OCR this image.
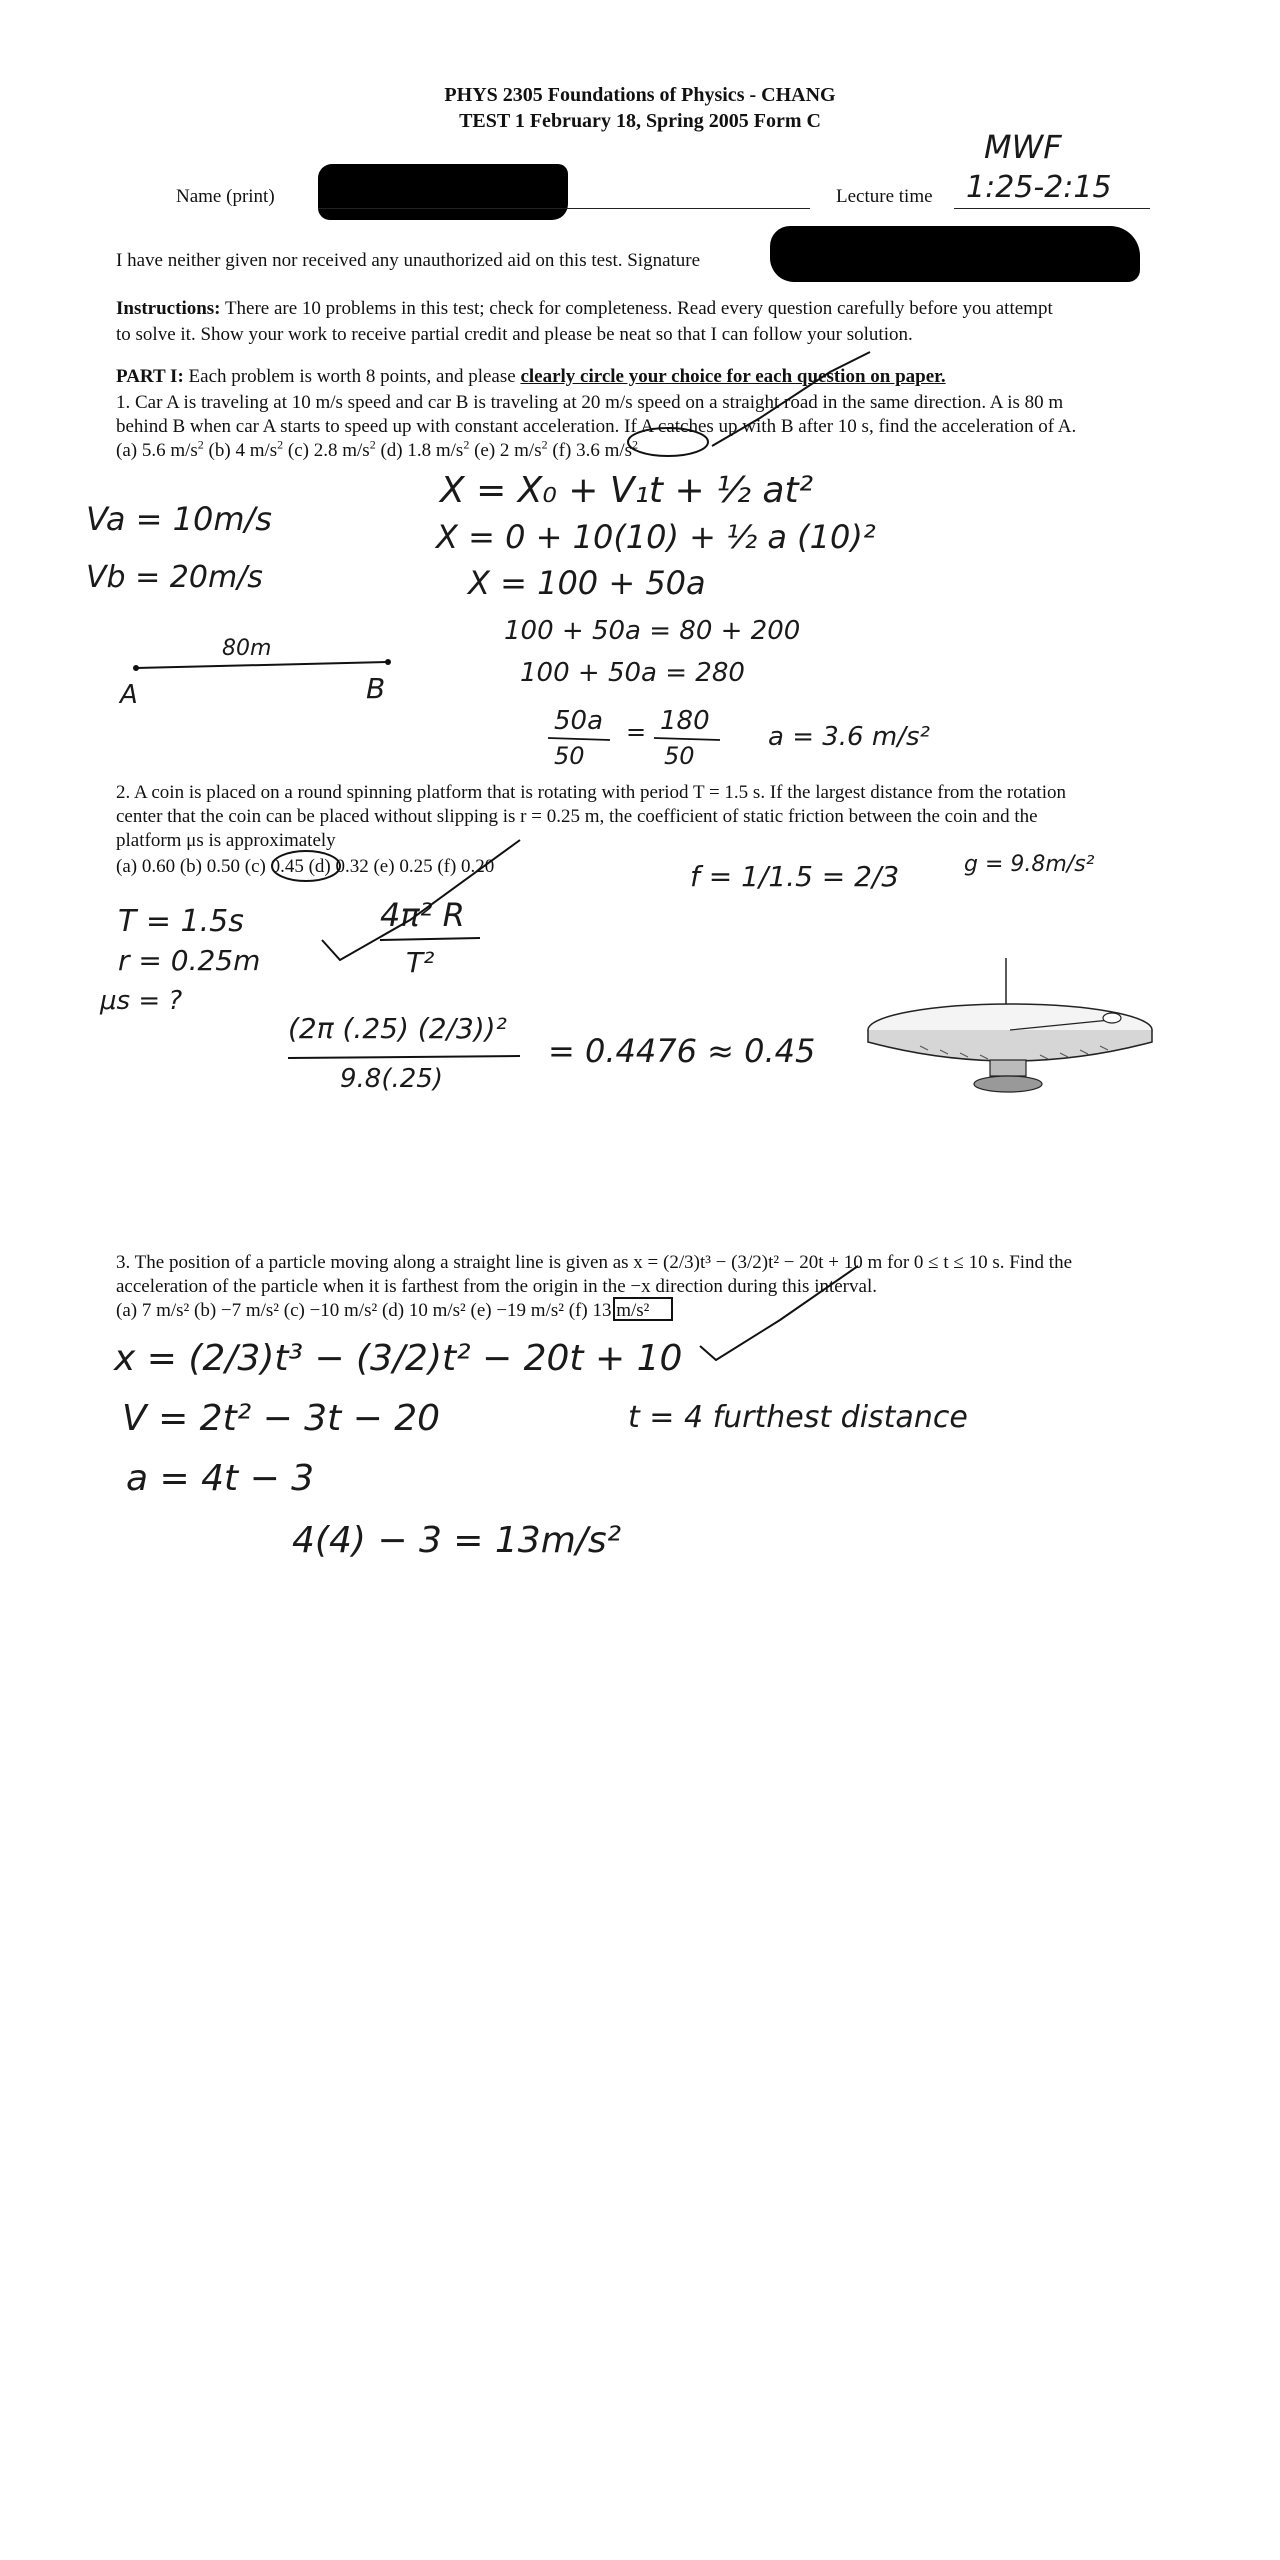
PHYS 2305 Foundations of Physics - CHANG
TEST 1 February 18, Spring 2005 Form C
Name (print)	Lecture time
MWF
1:25-2:15
I have neither given nor received any unauthorized aid on this test. Signature
Instructions: There are 10 problems in this test; check for completeness. Read every question carefully before you attempt
to solve it. Show your work to receive partial credit and please be neat so that I can follow your solution.
PART I: Each problem is worth 8 points, and please clearly circle your choice for each question on paper.
1. Car A is traveling at 10 m/s speed and car B is traveling at 20 m/s speed on a straight road in the same direction. A is 80 m
behind B when car A starts to speed up with constant acceleration. If A catches up with B after 10 s, find the acceleration of A.
(a) 5.6 $m/s^2$ (b) 4 $m/s^2$ (c) 2.8 $m/s^2$ (d) 1.8 $m/s^2$ (e) 2 $m/s^2$ (f) 3.6 $m/s^2$
Va = 10m/s
Vb = 20m/s
X = X₀ + V₁t + ½ at²
X = 0 + 10(10) + ½ a (10)²
X = 100 + 50a
100 + 50a = 80 + 200
100 + 50a = 280
50a
50
= 180
50
a = 3.6 m/s²
80m
A	B
2. A coin is placed on a round spinning platform that is rotating with period T = 1.5 s. If the largest distance from the rotation
center that the coin can be placed without slipping is r = 0.25 m, the coefficient of static friction between the coin and the
platform μs is approximately
(a) 0.60 (b) 0.50 (c) 0.45 (d) 0.32 (e) 0.25 (f) 0.20
T = 1.5s
r = 0.25m
μs = ?
4π² R
T²
f = 1/1.5 = 2/3	g = 9.8m/s²
(2π (.25) (2/3))²
9.8(.25)
= 0.4476 ≈ 0.45
3. The position of a particle moving along a straight line is given as x = (2/3)t³ − (3/2)t² − 20t + 10 m for 0 ≤ t ≤ 10 s. Find the
acceleration of the particle when it is farthest from the origin in the −x direction during this interval.
(a) 7 m/s² (b) −7 m/s² (c) −10 m/s² (d) 10 m/s² (e) −19 m/s² (f) 13 m/s²
x = (2/3)t³ − (3/2)t² − 20t + 10
V = 2t² − 3t − 20
a = 4t − 3
t = 4 furthest distance
4(4) − 3 = 13m/s²
